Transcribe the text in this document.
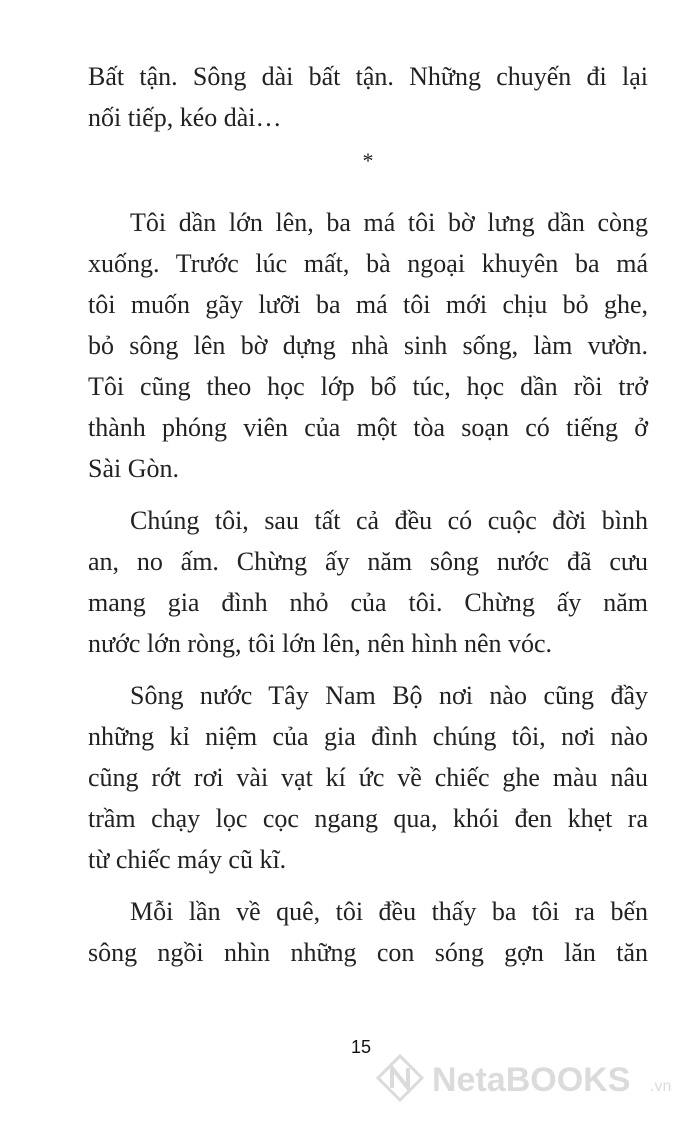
Bất tận. Sông dài bất tận. Những chuyến đi lại
nối tiếp, kéo dài…
*
Tôi dần lớn lên, ba má tôi bờ lưng dần còng
xuống. Trước lúc mất, bà ngoại khuyên ba má
tôi muốn gãy lưỡi ba má tôi mới chịu bỏ ghe,
bỏ sông lên bờ dựng nhà sinh sống, làm vườn.
Tôi cũng theo học lớp bổ túc, học dần rồi trở
thành phóng viên của một tòa soạn có tiếng ở
Sài Gòn.
Chúng tôi, sau tất cả đều có cuộc đời bình
an, no ấm. Chừng ấy năm sông nước đã cưu
mang gia đình nhỏ của tôi. Chừng ấy năm
nước lớn ròng, tôi lớn lên, nên hình nên vóc.
Sông nước Tây Nam Bộ nơi nào cũng đầy
những kỉ niệm của gia đình chúng tôi, nơi nào
cũng rớt rơi vài vạt kí ức về chiếc ghe màu nâu
trầm chạy lọc cọc ngang qua, khói đen khẹt ra
từ chiếc máy cũ kĩ.
Mỗi lần về quê, tôi đều thấy ba tôi ra bến
sông ngồi nhìn những con sóng gợn lăn tăn
15
NetaBOOKS .vn
